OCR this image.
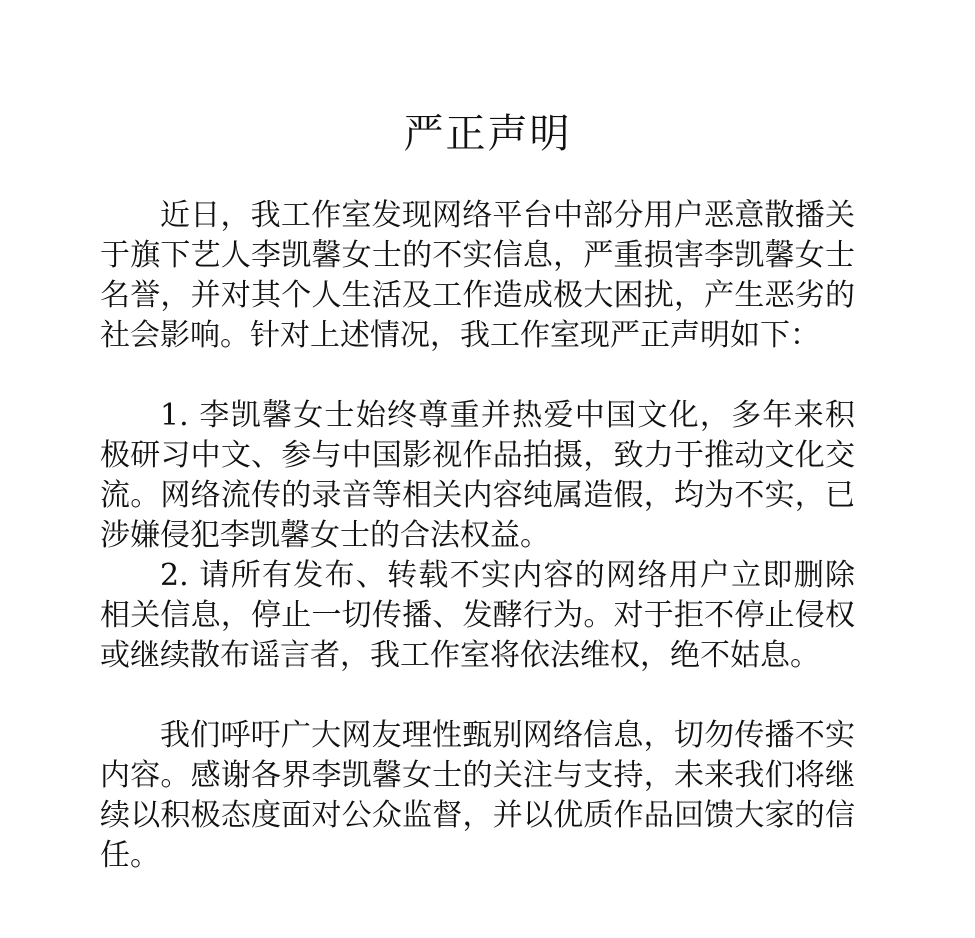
严正声明

近日，我工作室发现网络平台中部分用户恶意散播关于旗下艺人李凯馨女士的不实信息，严重损害李凯馨女士名誉，并对其个人生活及工作造成极大困扰，产生恶劣的社会影响。针对上述情况，我工作室现严正声明如下：

1. 李凯馨女士始终尊重并热爱中国文化，多年来积极研习中文、参与中国影视作品拍摄，致力于推动文化交流。网络流传的录音等相关内容纯属造假，均为不实，已涉嫌侵犯李凯馨女士的合法权益。

2. 请所有发布、转载不实内容的网络用户立即删除相关信息，停止一切传播、发酵行为。对于拒不停止侵权或继续散布谣言者，我工作室将依法维权，绝不姑息。

我们呼吁广大网友理性甄别网络信息，切勿传播不实内容。感谢各界李凯馨女士的关注与支持，未来我们将继续以积极态度面对公众监督，并以优质作品回馈大家的信任。
